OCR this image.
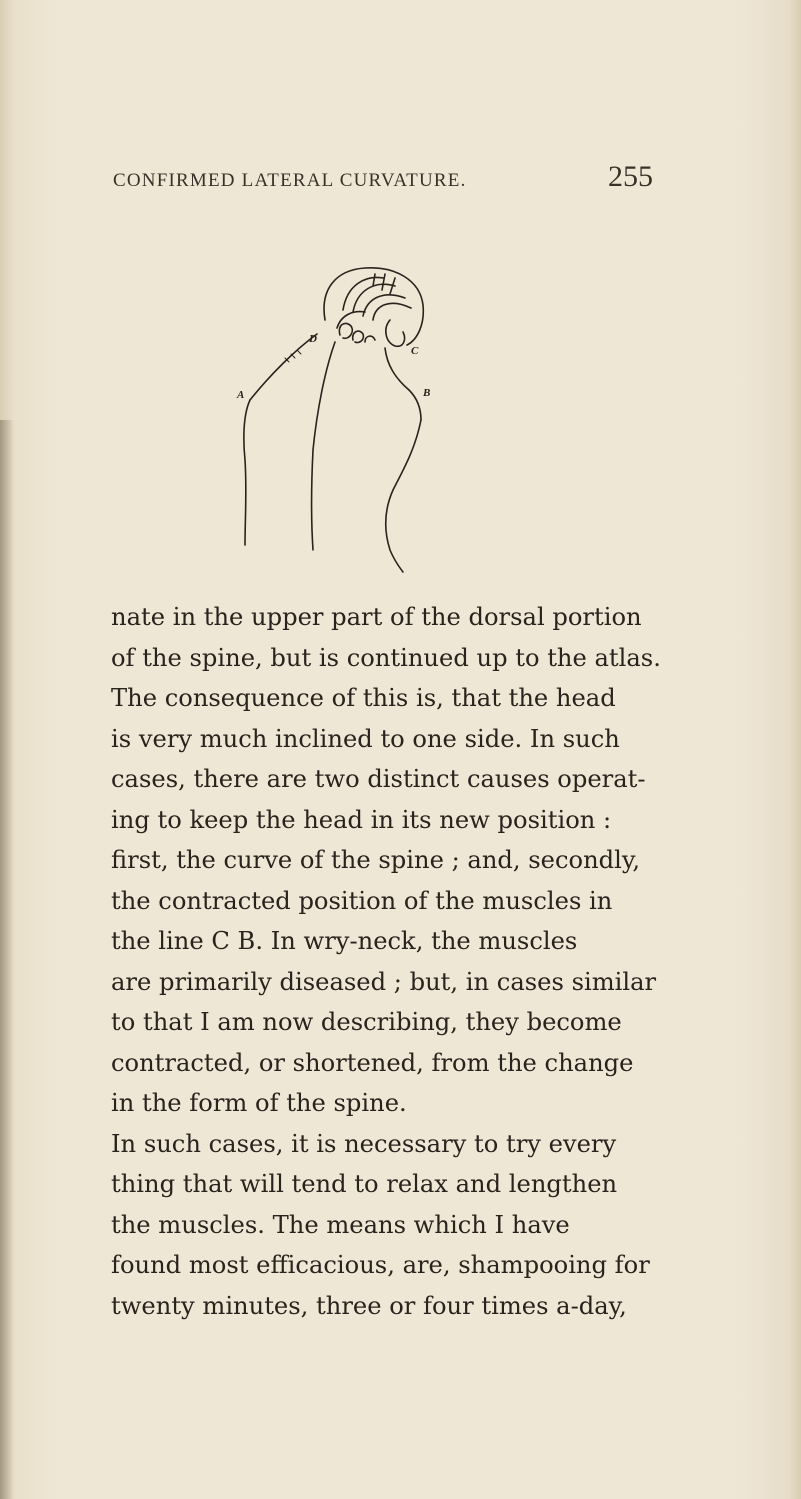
CONFIRMED LATERAL CURVATURE.	255
D
C
B
A
nate in the upper part of the dorsal portion
of the spine, but is continued up to the atlas.
The consequence of this is, that the head
is very much inclined to one side. In such
cases, there are two distinct causes operat-
ing to keep the head in its new position :
first, the curve of the spine ; and, secondly,
the contracted position of the muscles in
the line C B. In wry-neck, the muscles
are primarily diseased ; but, in cases similar
to that I am now describing, they become
contracted, or shortened, from the change
in the form of the spine.
In such cases, it is necessary to try every
thing that will tend to relax and lengthen
the muscles. The means which I have
found most efficacious, are, shampooing for
twenty minutes, three or four times a-day,
